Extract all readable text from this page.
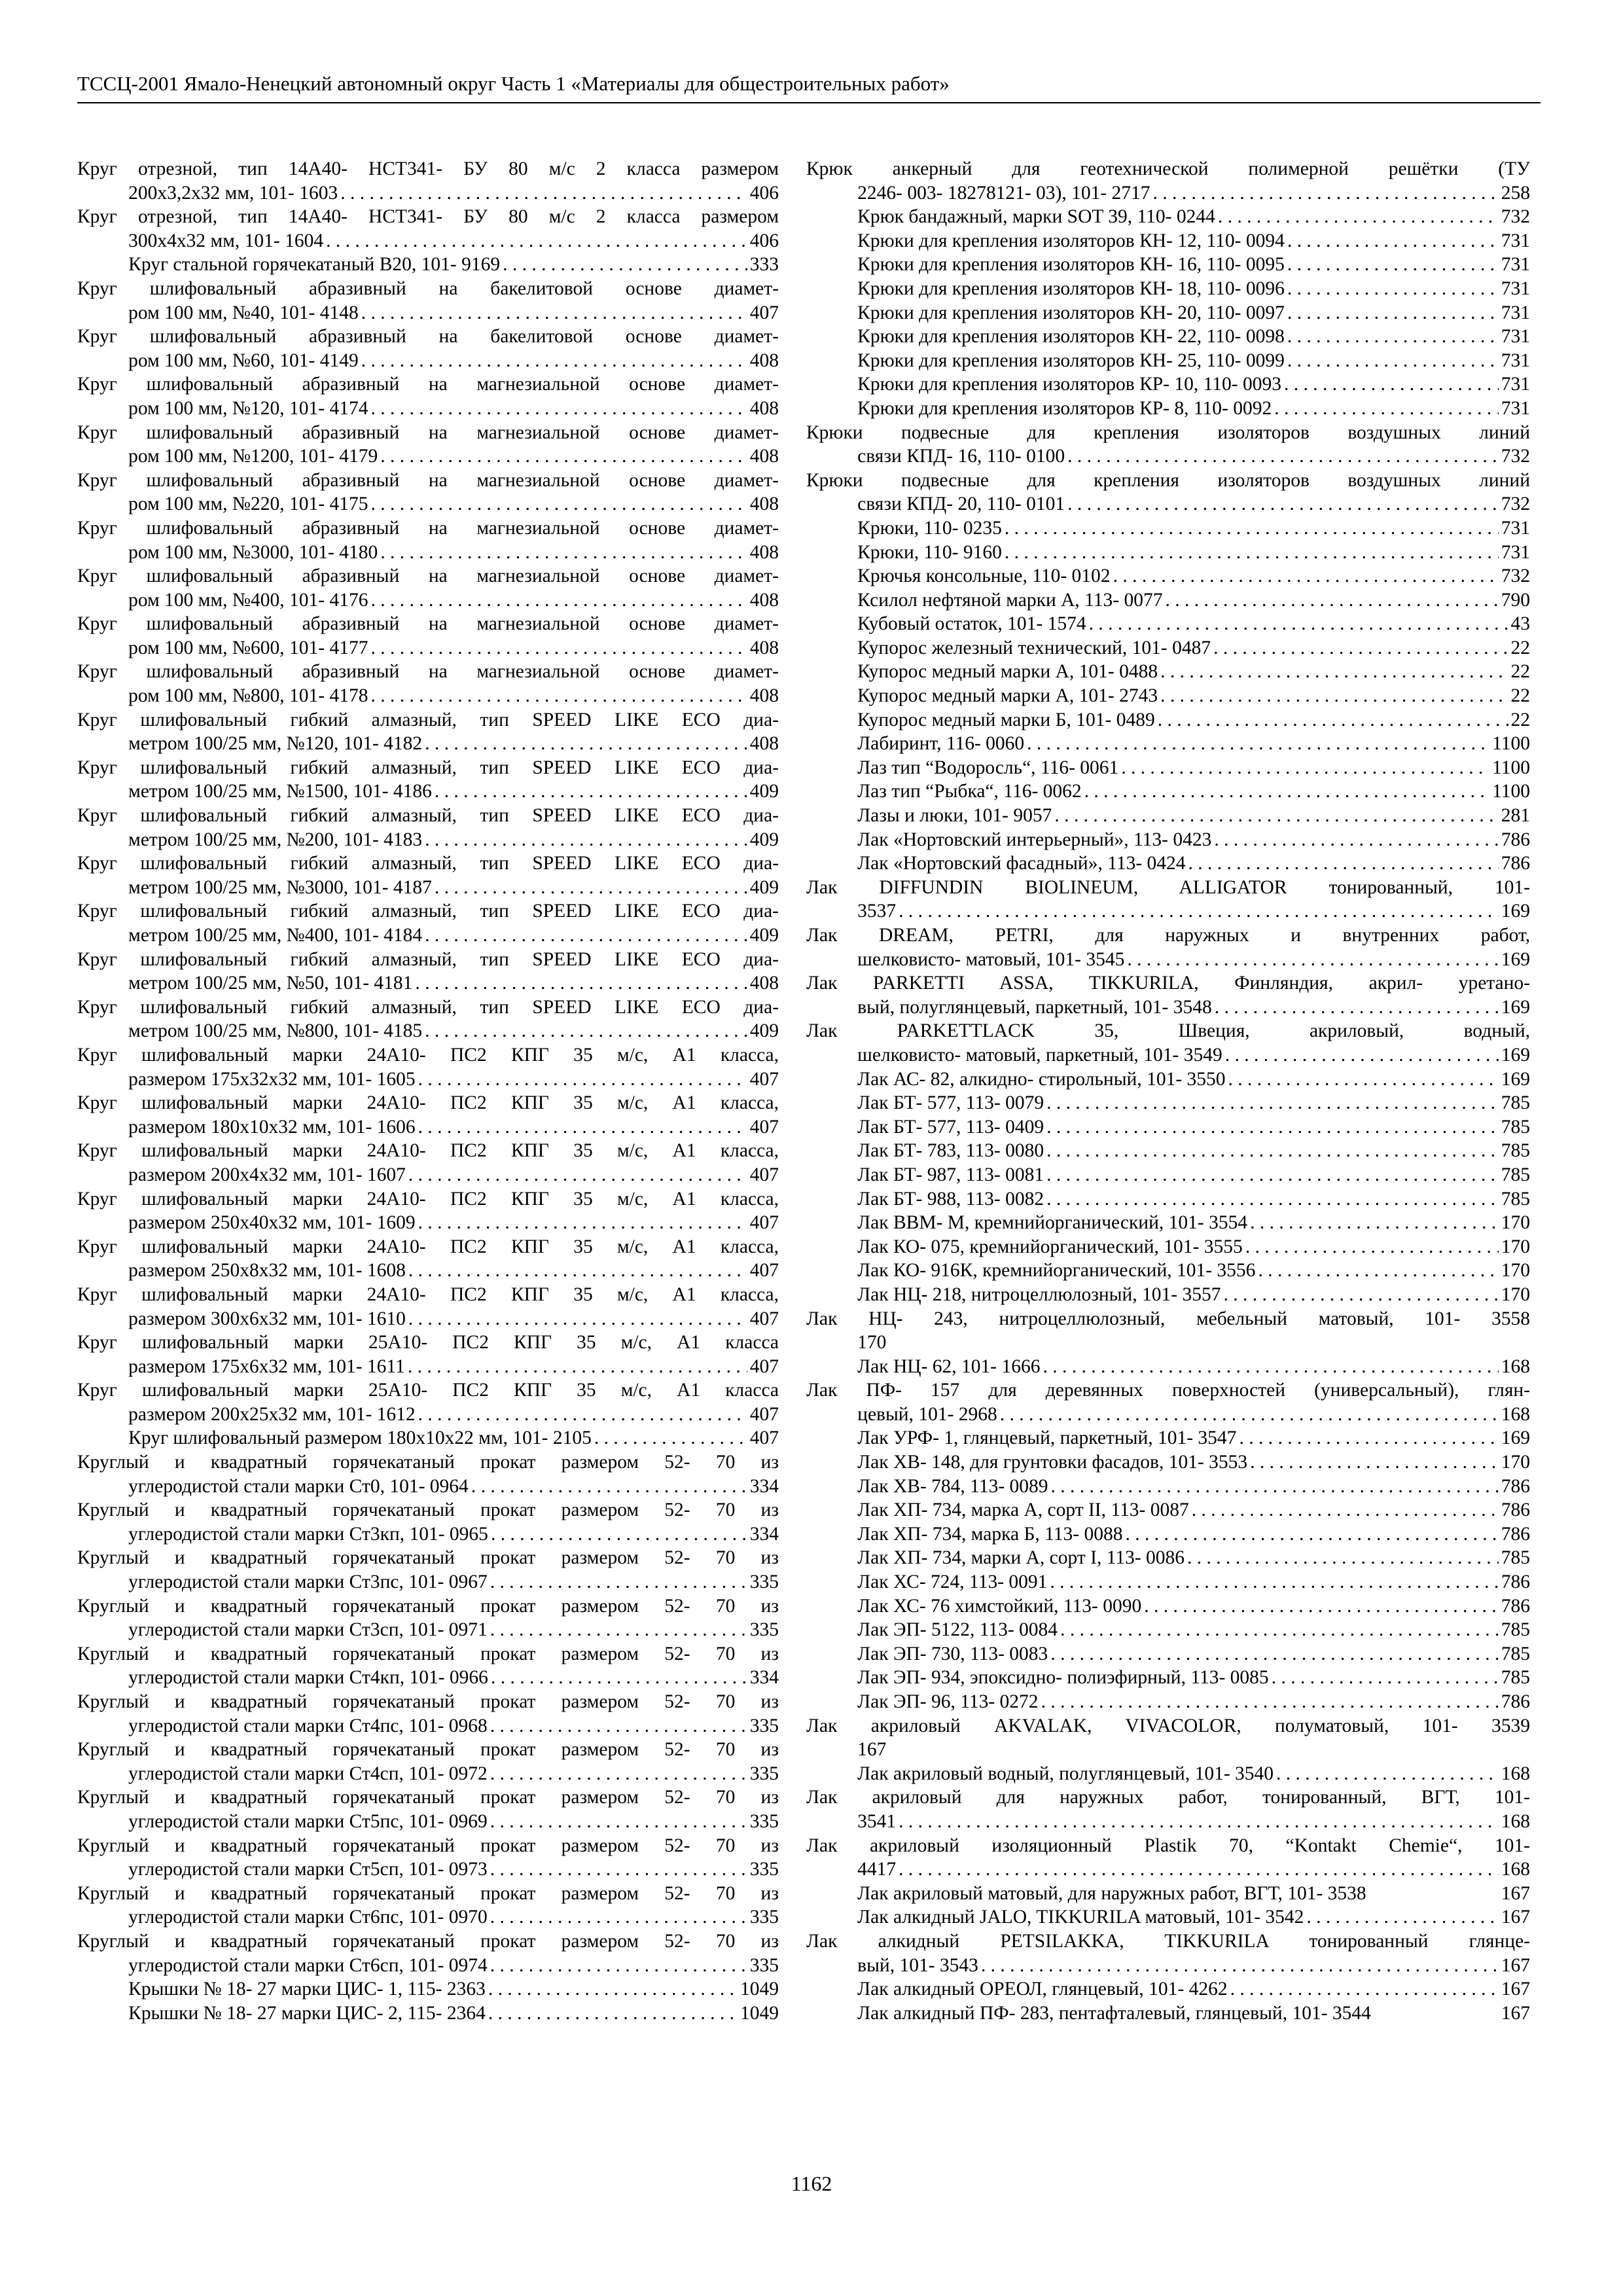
ТССЦ-2001 Ямало-Ненецкий автономный округ Часть 1 «Материалы для общестроительных работ»
Круг отрезной, тип 14А40- НСТ341- БУ 80 м/с 2 класса размером
200х3,2х32 мм, 101- 1603 . . .	406
Круг отрезной, тип 14А40- НСТ341- БУ 80 м/с 2 класса размером
300х4х32 мм, 101- 1604 . . .	406
Круг стальной горячекатаный В20, 101- 9169 . . .	333
Круг шлифовальный абразивный на бакелитовой основе диамет-
ром 100 мм, №40, 101- 4148 . . .	407
Круг шлифовальный абразивный на бакелитовой основе диамет-
ром 100 мм, №60, 101- 4149 . . .	408
Круг шлифовальный абразивный на магнезиальной основе диамет-
ром 100 мм, №120, 101- 4174 . . .	408
Круг шлифовальный абразивный на магнезиальной основе диамет-
ром 100 мм, №1200, 101- 4179 . . .	408
Круг шлифовальный абразивный на магнезиальной основе диамет-
ром 100 мм, №220, 101- 4175 . . .	408
Круг шлифовальный абразивный на магнезиальной основе диамет-
ром 100 мм, №3000, 101- 4180 . . .	408
Круг шлифовальный абразивный на магнезиальной основе диамет-
ром 100 мм, №400, 101- 4176 . . .	408
Круг шлифовальный абразивный на магнезиальной основе диамет-
ром 100 мм, №600, 101- 4177 . . .	408
Круг шлифовальный абразивный на магнезиальной основе диамет-
ром 100 мм, №800, 101- 4178 . . .	408
Круг шлифовальный гибкий алмазный, тип SPEED LIKE ECO диа-
метром 100/25 мм, №120, 101- 4182 . . .	408
Круг шлифовальный гибкий алмазный, тип SPEED LIKE ECO диа-
метром 100/25 мм, №1500, 101- 4186 . . .	409
Круг шлифовальный гибкий алмазный, тип SPEED LIKE ECO диа-
метром 100/25 мм, №200, 101- 4183 . . .	409
Круг шлифовальный гибкий алмазный, тип SPEED LIKE ECO диа-
метром 100/25 мм, №3000, 101- 4187 . . .	409
Круг шлифовальный гибкий алмазный, тип SPEED LIKE ECO диа-
метром 100/25 мм, №400, 101- 4184 . . .	409
Круг шлифовальный гибкий алмазный, тип SPEED LIKE ECO диа-
метром 100/25 мм, №50, 101- 4181 . . .	408
Круг шлифовальный гибкий алмазный, тип SPEED LIKE ECO диа-
метром 100/25 мм, №800, 101- 4185 . . .	409
Круг шлифовальный марки 24А10- ПС2 КПГ 35 м/с, А1 класса,
размером 175х32х32 мм, 101- 1605 . . .	407
Круг шлифовальный марки 24А10- ПС2 КПГ 35 м/с, А1 класса,
размером 180х10х32 мм, 101- 1606 . . .	407
Круг шлифовальный марки 24А10- ПС2 КПГ 35 м/с, А1 класса,
размером 200х4х32 мм, 101- 1607 . . .	407
Круг шлифовальный марки 24А10- ПС2 КПГ 35 м/с, А1 класса,
размером 250х40х32 мм, 101- 1609 . . .	407
Круг шлифовальный марки 24А10- ПС2 КПГ 35 м/с, А1 класса,
размером 250х8х32 мм, 101- 1608 . . .	407
Круг шлифовальный марки 24А10- ПС2 КПГ 35 м/с, А1 класса,
размером 300х6х32 мм, 101- 1610 . . .	407
Круг шлифовальный марки 25А10- ПС2 КПГ 35 м/с, А1 класса
размером 175х6х32 мм, 101- 1611 . . .	407
Круг шлифовальный марки 25А10- ПС2 КПГ 35 м/с, А1 класса
размером 200х25х32 мм, 101- 1612 . . .	407
Круг шлифовальный размером 180х10х22 мм, 101- 2105 . . .	407
Круглый и квадратный горячекатаный прокат размером 52- 70 из
углеродистой стали марки Ст0, 101- 0964 . . .	334
Круглый и квадратный горячекатаный прокат размером 52- 70 из
углеродистой стали марки Ст3кп, 101- 0965 . . .	334
Круглый и квадратный горячекатаный прокат размером 52- 70 из
углеродистой стали марки Ст3пс, 101- 0967 . . .	335
Круглый и квадратный горячекатаный прокат размером 52- 70 из
углеродистой стали марки Ст3сп, 101- 0971 . . .	335
Круглый и квадратный горячекатаный прокат размером 52- 70 из
углеродистой стали марки Ст4кп, 101- 0966 . . .	334
Круглый и квадратный горячекатаный прокат размером 52- 70 из
углеродистой стали марки Ст4пс, 101- 0968 . . .	335
Круглый и квадратный горячекатаный прокат размером 52- 70 из
углеродистой стали марки Ст4сп, 101- 0972 . . .	335
Круглый и квадратный горячекатаный прокат размером 52- 70 из
углеродистой стали марки Ст5пс, 101- 0969 . . .	335
Круглый и квадратный горячекатаный прокат размером 52- 70 из
углеродистой стали марки Ст5сп, 101- 0973 . . .	335
Круглый и квадратный горячекатаный прокат размером 52- 70 из
углеродистой стали марки Ст6пс, 101- 0970 . . .	335
Круглый и квадратный горячекатаный прокат размером 52- 70 из
углеродистой стали марки Ст6сп, 101- 0974 . . .	335
Крышки № 18- 27 марки ЦИС- 1, 115- 2363 . . .	1049
Крышки № 18- 27 марки ЦИС- 2, 115- 2364 . . .	1049
Крюк анкерный для геотехнической полимерной решётки (ТУ
2246- 003- 18278121- 03), 101- 2717 . . .	258
Крюк бандажный, марки SOT 39, 110- 0244 . . .	732
Крюки для крепления изоляторов КН- 12, 110- 0094 . . .	731
Крюки для крепления изоляторов КН- 16, 110- 0095 . . .	731
Крюки для крепления изоляторов КН- 18, 110- 0096 . . .	731
Крюки для крепления изоляторов КН- 20, 110- 0097 . . .	731
Крюки для крепления изоляторов КН- 22, 110- 0098 . . .	731
Крюки для крепления изоляторов КН- 25, 110- 0099 . . .	731
Крюки для крепления изоляторов КР- 10, 110- 0093 . . .	731
Крюки для крепления изоляторов КР- 8, 110- 0092 . . .	731
Крюки подвесные для крепления изоляторов воздушных линий
связи КПД- 16, 110- 0100 . . .	732
Крюки подвесные для крепления изоляторов воздушных линий
связи КПД- 20, 110- 0101 . . .	732
Крюки, 110- 0235 . . .	731
Крюки, 110- 9160 . . .	731
Крючья консольные, 110- 0102 . . .	732
Ксилол нефтяной марки А, 113- 0077 . . .	790
Кубовый остаток, 101- 1574 . . .	43
Купорос железный технический, 101- 0487 . . .	22
Купорос медный марки А, 101- 0488 . . .	22
Купорос медный марки А, 101- 2743 . . .	22
Купорос медный марки Б, 101- 0489 . . .	22
Лабиринт, 116- 0060 . . .	1100
Лаз тип “Водоросль“, 116- 0061 . . .	1100
Лаз тип “Рыбка“, 116- 0062 . . .	1100
Лазы и люки, 101- 9057 . . .	281
Лак «Нортовский интерьерный», 113- 0423 . . .	786
Лак «Нортовский фасадный», 113- 0424 . . .	786
Лак DIFFUNDIN BIOLINEUM, ALLIGATOR тонированный, 101-
3537 . . .	169
Лак DREAM, PETRI, для наружных и внутренних работ,
шелковисто- матовый, 101- 3545 . . .	169
Лак PARKETTI ASSA, TIKKURILA, Финляндия, акрил- уретано-
вый, полуглянцевый, паркетный, 101- 3548 . . .	169
Лак PARKETTLACK 35, Швеция, акриловый, водный,
шелковисто- матовый, паркетный, 101- 3549 . . .	169
Лак АС- 82, алкидно- стирольный, 101- 3550 . . .	169
Лак БТ- 577, 113- 0079 . . .	785
Лак БТ- 577, 113- 0409 . . .	785
Лак БТ- 783, 113- 0080 . . .	785
Лак БТ- 987, 113- 0081 . . .	785
Лак БТ- 988, 113- 0082 . . .	785
Лак ВВМ- М, кремнийорганический, 101- 3554 . . .	170
Лак КО- 075, кремнийорганический, 101- 3555 . . .	170
Лак КО- 916К, кремнийорганический, 101- 3556 . . .	170
Лак НЦ- 218, нитроцеллюлозный, 101- 3557 . . .	170
Лак НЦ- 243, нитроцеллюлозный, мебельный матовый, 101- 3558
170
Лак НЦ- 62, 101- 1666 . . .	168
Лак ПФ- 157 для деревянных поверхностей (универсальный), глян-
цевый, 101- 2968 . . .	168
Лак УРФ- 1, глянцевый, паркетный, 101- 3547 . . .	169
Лак ХВ- 148, для грунтовки фасадов, 101- 3553 . . .	170
Лак ХВ- 784, 113- 0089 . . .	786
Лак ХП- 734, марка А, сорт II, 113- 0087 . . .	786
Лак ХП- 734, марка Б, 113- 0088 . . .	786
Лак ХП- 734, марки А, сорт I, 113- 0086 . . .	785
Лак ХС- 724, 113- 0091 . . .	786
Лак ХС- 76 химстойкий, 113- 0090 . . .	786
Лак ЭП- 5122, 113- 0084 . . .	785
Лак ЭП- 730, 113- 0083 . . .	785
Лак ЭП- 934, эпоксидно- полиэфирный, 113- 0085 . . .	785
Лак ЭП- 96, 113- 0272 . . .	786
Лак акриловый AKVALAK, VIVACOLOR, полуматовый, 101- 3539
167
Лак акриловый водный, полуглянцевый, 101- 3540 . . .	168
Лак акриловый для наружных работ, тонированный, ВГТ, 101-
3541 . . .	168
Лак акриловый изоляционный Plastik 70, “Kontakt Chemie“, 101-
4417 . . .	168
Лак акриловый матовый, для наружных работ, ВГТ, 101- 3538	167
Лак алкидный JALO, TIKKURILA матовый, 101- 3542 . . .	167
Лак алкидный PETSILAKKA, TIKKURILA тонированный глянце-
вый, 101- 3543 . . .	167
Лак алкидный ОРЕОЛ, глянцевый, 101- 4262 . . .	167
Лак алкидный ПФ- 283, пентафталевый, глянцевый, 101- 3544	167
1162
